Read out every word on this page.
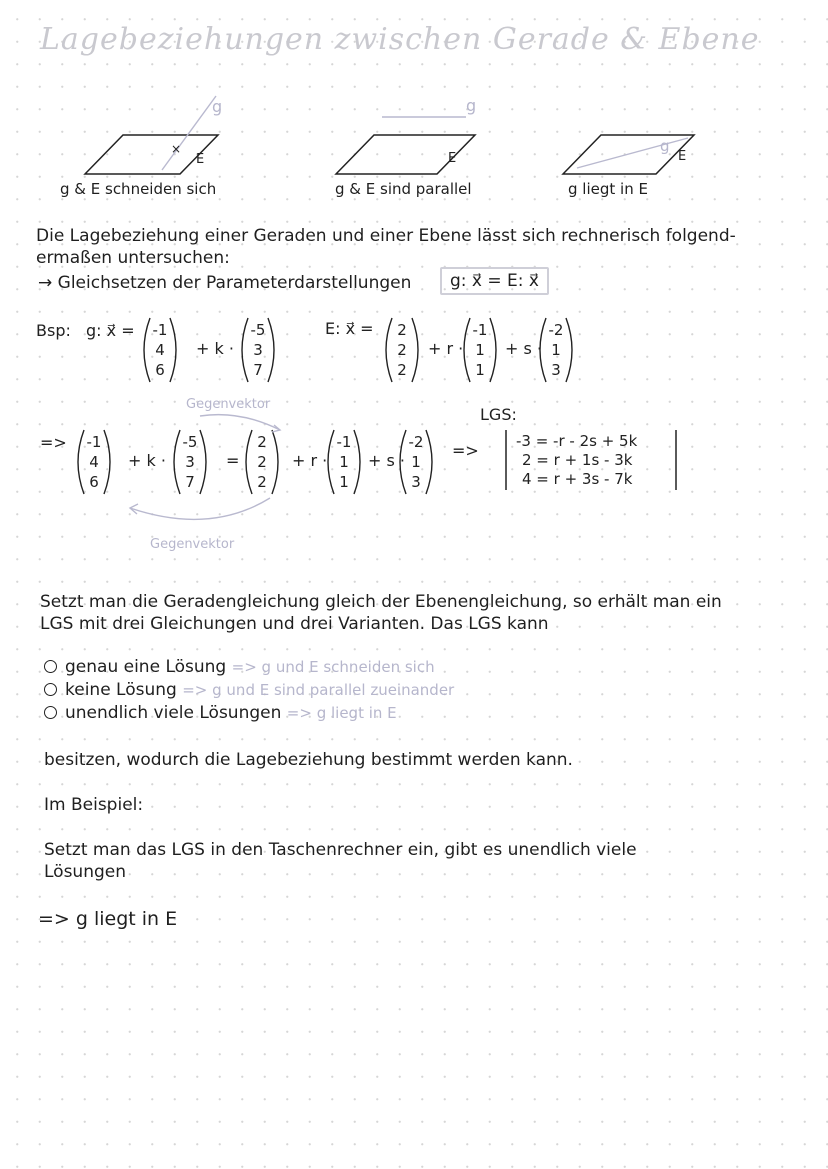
Lagebeziehungen zwischen Gerade & Ebene
g
×
E
g
E
g
E
g & E schneiden sich	g & E sind parallel	g liegt in E
Die Lagebeziehung einer Geraden und einer Ebene lässt sich rechnerisch folgend-
ermaßen untersuchen:
→ Gleichsetzen der Parameterdarstellungen	g: x⃗ = E: x⃗
Bsp: g: x⃗ = -1
4
6
+ k ·
-5
3
7
E: x⃗ = 2
2
2
+ r ·
-1
1
1
+ s ·
-2
1
3
=> -1
4
6
+ k ·
-5
3
7
=
2
2
2
+ r ·
-1
1
1
+ s ·
-2
1
3
=>
Gegenvektor
Gegenvektor
LGS:
-3 = -r - 2s + 5k
2 = r + 1s - 3k
4 = r + 3s - 7k
Setzt man die Geradengleichung gleich der Ebenengleichung, so erhält man ein
LGS mit drei Gleichungen und drei Varianten. Das LGS kann
genau eine Lösung => g und E schneiden sich
keine Lösung => g und E sind parallel zueinander
unendlich viele Lösungen => g liegt in E
besitzen, wodurch die Lagebeziehung bestimmt werden kann.
Im Beispiel:
Setzt man das LGS in den Taschenrechner ein, gibt es unendlich viele
Lösungen
=> g liegt in E
